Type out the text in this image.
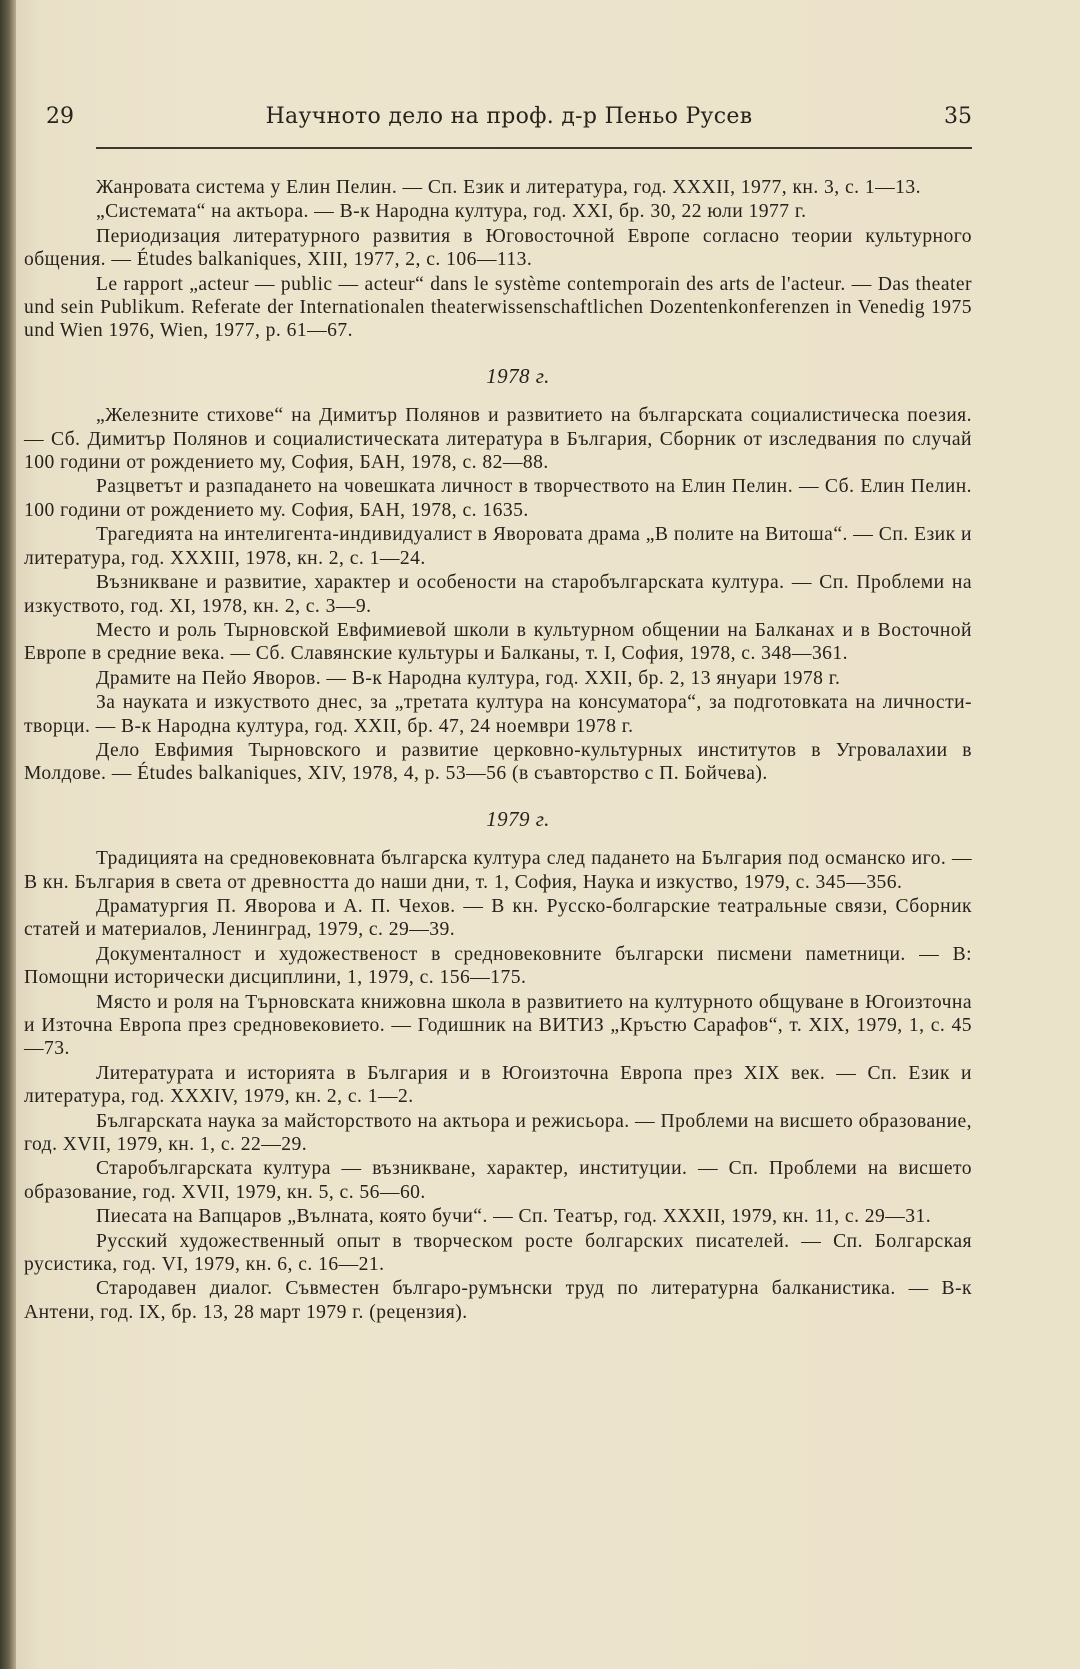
29	Научното дело на проф. д-р Пеньо Русев	35

Жанровата система у Елин Пелин. — Сп. Език и литература, год. XXXII, 1977, кн. 3, с. 1—13.

„Системата“ на актьора. — В-к Народна култура, год. XXI, бр. 30, 22 юли 1977 г.

Периодизация литературного развития в Юговосточной Европе согласно теории культурного общения. — Études balkaniques, XIII, 1977, 2, с. 106—113.

Le rapport „acteur — public — acteur“ dans le système contemporain des arts de l'acteur. — Das theater und sein Publikum. Referate der Internationalen theaterwissenschaftlichen Dozentenkonferenzen in Venedig 1975 und Wien 1976, Wien, 1977, p. 61—67.

1978 г.

„Железните стихове“ на Димитър Полянов и развитието на българската социалистическа поезия. — Сб. Димитър Полянов и социалистическата литература в България, Сборник от изследвания по случай 100 години от рождението му, София, БАН, 1978, с. 82—88.

Разцветът и разпадането на човешката личност в творчеството на Елин Пелин. — Сб. Елин Пелин. 100 години от рождението му. София, БАН, 1978, с. 1635.

Трагедията на интелигента-индивидуалист в Яворовата драма „В полите на Витоша“. — Сп. Език и литература, год. XXXIII, 1978, кн. 2, с. 1—24.

Възникване и развитие, характер и особености на старобългарската култура. — Сп. Проблеми на изкуството, год. XI, 1978, кн. 2, с. 3—9.

Место и роль Тырновской Евфимиевой школи в культурном общении на Балканах и в Восточной Европе в средние века. — Сб. Славянские культуры и Балканы, т. I, София, 1978, с. 348—361.

Драмите на Пейо Яворов. — В-к Народна култура, год. XXII, бр. 2, 13 януари 1978 г.

За науката и изкуството днес, за „третата култура на консуматора“, за подготовката на личности-творци. — В-к Народна култура, год. XXII, бр. 47, 24 ноември 1978 г.

Дело Евфимия Тырновского и развитие церковно-культурных институтов в Угровалахии в Молдове. — Études balkaniques, XIV, 1978, 4, p. 53—56 (в съавторство с П. Бойчева).

1979 г.

Традицията на средновековната българска култура след падането на България под османско иго. — В кн. България в света от древността до наши дни, т. 1, София, Наука и изкуство, 1979, с. 345—356.

Драматургия П. Яворова и А. П. Чехов. — В кн. Русско-болгарские театральные связи, Сборник статей и материалов, Ленинград, 1979, с. 29—39.

Документалност и художественост в средновековните български писмени паметници. — В: Помощни исторически дисциплини, 1, 1979, с. 156—175.

Място и роля на Търновската книжовна школа в развитието на културното общуване в Югоизточна и Източна Европа през средновековието. — Годишник на ВИТИЗ „Кръстю Сарафов“, т. XIX, 1979, 1, с. 45—73.

Литературата и историята в България и в Югоизточна Европа през XIX век. — Сп. Език и литература, год. XXXIV, 1979, кн. 2, с. 1—2.

Българската наука за майсторството на актьора и режисьора. — Проблеми на висшето образование, год. XVII, 1979, кн. 1, с. 22—29.

Старобългарската култура — възникване, характер, институции. — Сп. Проблеми на висшето образование, год. XVII, 1979, кн. 5, с. 56—60.

Пиесата на Вапцаров „Вълната, която бучи“. — Сп. Театър, год. XXXII, 1979, кн. 11, с. 29—31.

Русский художественный опыт в творческом росте болгарских писателей. — Сп. Болгарская русистика, год. VI, 1979, кн. 6, с. 16—21.

Стародавен диалог. Съвместен българо-румънски труд по литературна балканистика. — В-к Антени, год. IX, бр. 13, 28 март 1979 г. (рецензия).
